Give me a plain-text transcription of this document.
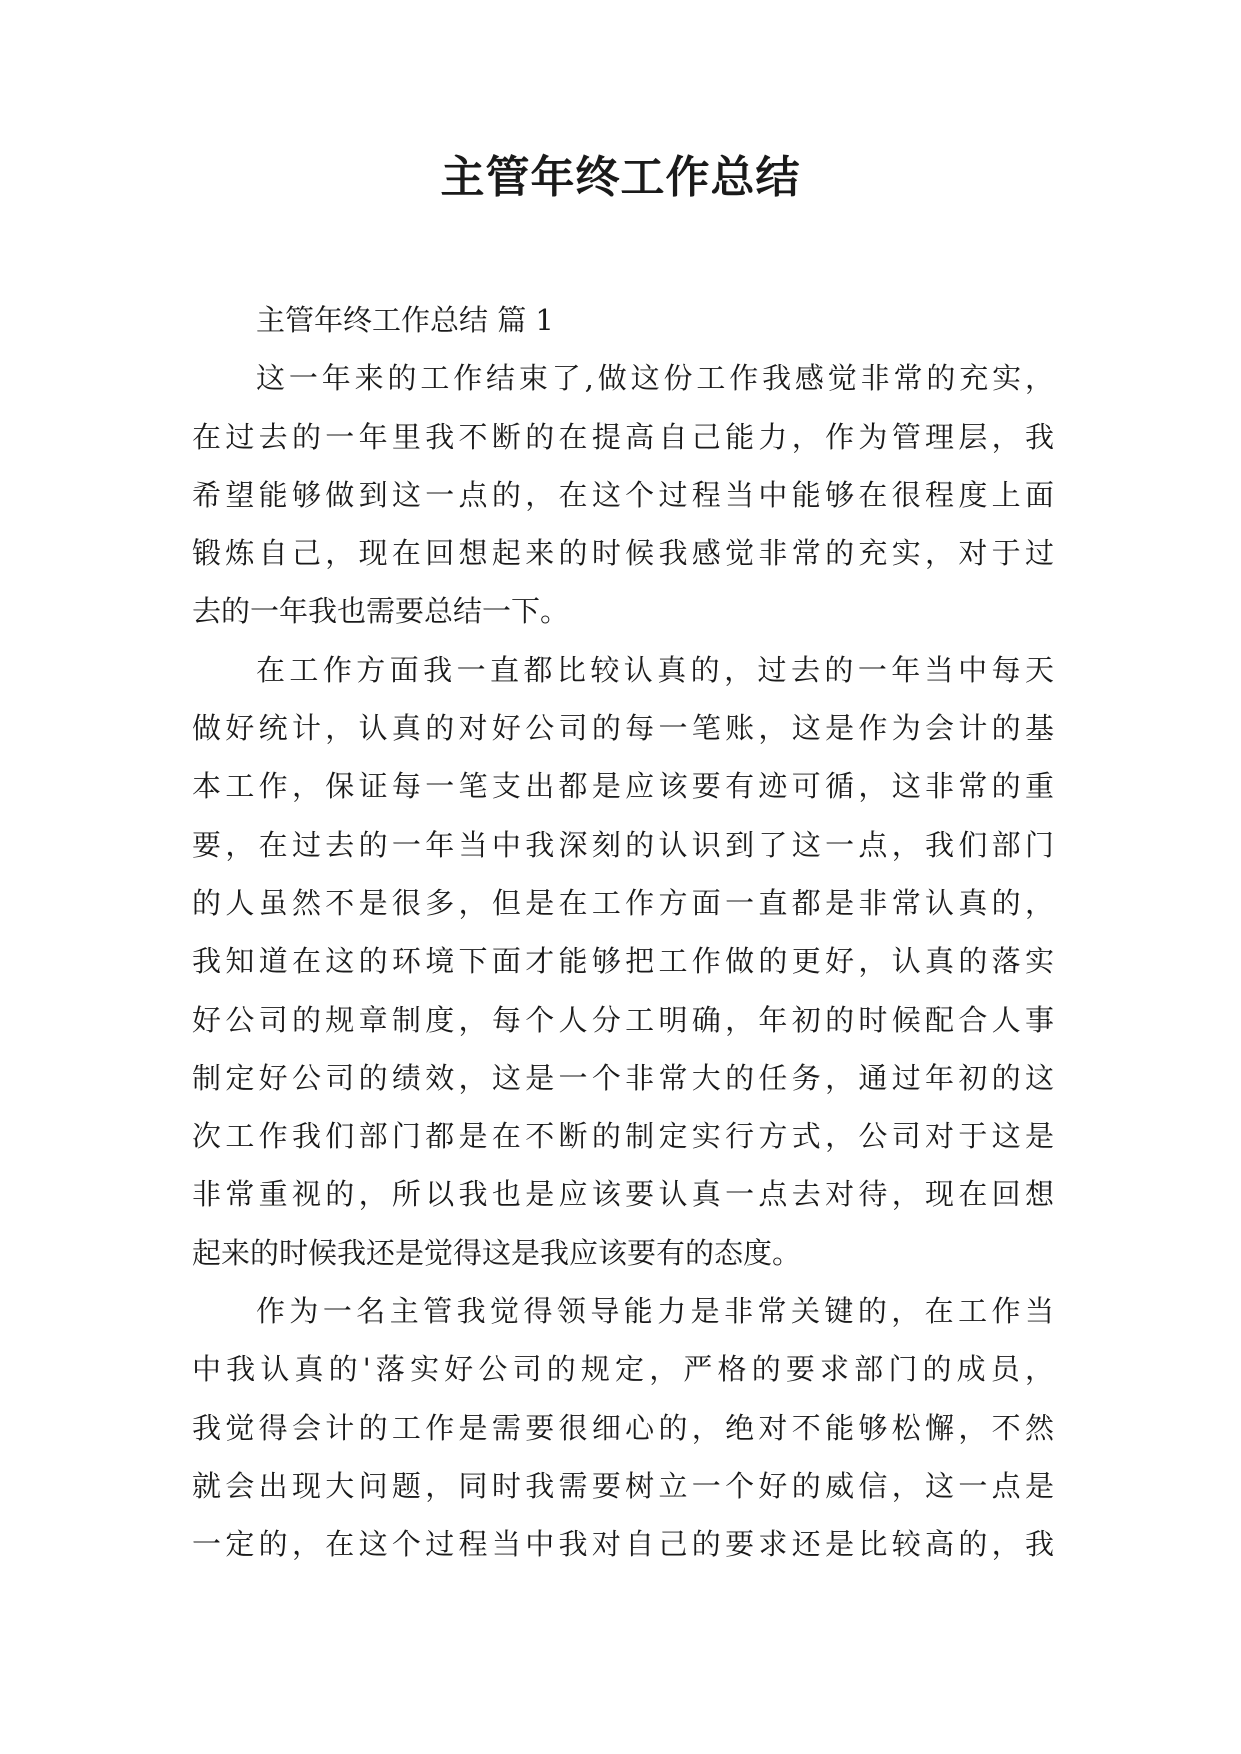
主管年终工作总结
主管年终工作总结 篇 1
这一年来的工作结束了,做这份工作我感觉非常的充实，
在过去的一年里我不断的在提高自己能力，作为管理层，我
希望能够做到这一点的，在这个过程当中能够在很程度上面
锻炼自己，现在回想起来的时候我感觉非常的充实，对于过
去的一年我也需要总结一下。
在工作方面我一直都比较认真的，过去的一年当中每天
做好统计，认真的对好公司的每一笔账，这是作为会计的基
本工作，保证每一笔支出都是应该要有迹可循，这非常的重
要，在过去的一年当中我深刻的认识到了这一点，我们部门
的人虽然不是很多，但是在工作方面一直都是非常认真的，
我知道在这的环境下面才能够把工作做的更好，认真的落实
好公司的规章制度，每个人分工明确，年初的时候配合人事
制定好公司的绩效，这是一个非常大的任务，通过年初的这
次工作我们部门都是在不断的制定实行方式，公司对于这是
非常重视的，所以我也是应该要认真一点去对待，现在回想
起来的时候我还是觉得这是我应该要有的态度。
作为一名主管我觉得领导能力是非常关键的，在工作当
中我认真的'落实好公司的规定，严格的要求部门的成员，
我觉得会计的工作是需要很细心的，绝对不能够松懈，不然
就会出现大问题，同时我需要树立一个好的威信，这一点是
一定的，在这个过程当中我对自己的要求还是比较高的，我
